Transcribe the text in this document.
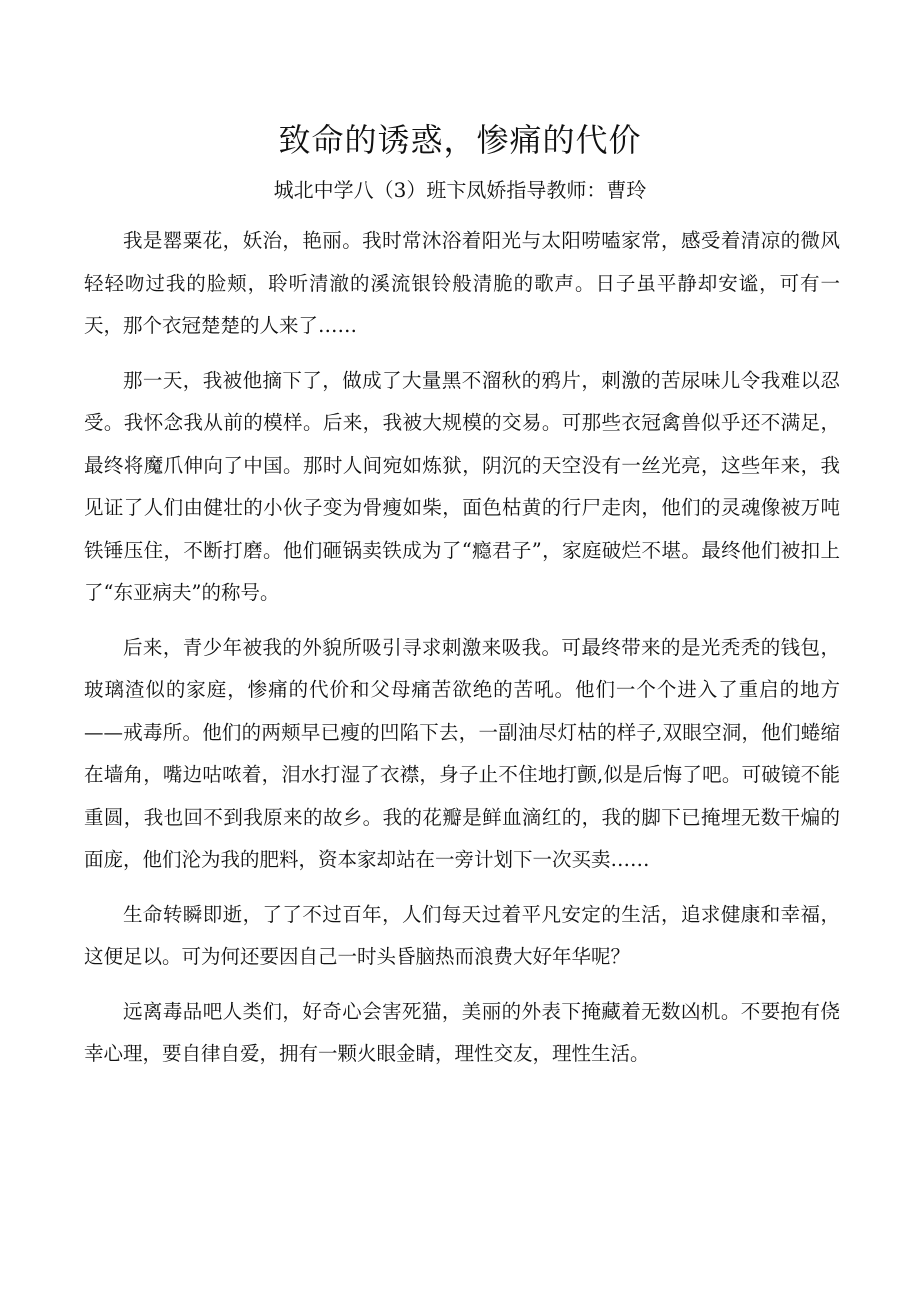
致命的诱惑，惨痛的代价
城北中学八（3）班卞凤娇指导教师：曹玲

我是罂粟花，妖治，艳丽。我时常沐浴着阳光与太阳唠嗑家常，感受着清凉的微风轻轻吻过我的脸颊，聆听清澈的溪流银铃般清脆的歌声。日子虽平静却安谧，可有一天，那个衣冠楚楚的人来了……

那一天，我被他摘下了，做成了大量黑不溜秋的鸦片，刺激的苦尿味儿令我难以忍受。我怀念我从前的模样。后来，我被大规模的交易。可那些衣冠禽兽似乎还不满足，最终将魔爪伸向了中国。那时人间宛如炼狱，阴沉的天空没有一丝光亮，这些年来，我见证了人们由健壮的小伙子变为骨瘦如柴，面色枯黄的行尸走肉，他们的灵魂像被万吨铁锤压住，不断打磨。他们砸锅卖铁成为了“瘾君子”，家庭破烂不堪。最终他们被扣上了“东亚病夫”的称号。

后来，青少年被我的外貌所吸引寻求刺激来吸我。可最终带来的是光秃秃的钱包，玻璃渣似的家庭，惨痛的代价和父母痛苦欲绝的苦吼。他们一个个进入了重启的地方——戒毒所。他们的两颊早已瘦的凹陷下去，一副油尽灯枯的样子,双眼空洞，他们蜷缩在墙角，嘴边咕哝着，泪水打湿了衣襟，身子止不住地打颤,似是后悔了吧。可破镜不能重圆，我也回不到我原来的故乡。我的花瓣是鲜血滴红的，我的脚下已掩埋无数干煸的面庞，他们沦为我的肥料，资本家却站在一旁计划下一次买卖……

生命转瞬即逝，了了不过百年，人们每天过着平凡安定的生活，追求健康和幸福，这便足以。可为何还要因自己一时头昏脑热而浪费大好年华呢？

远离毒品吧人类们，好奇心会害死猫，美丽的外表下掩藏着无数凶机。不要抱有侥幸心理，要自律自爱，拥有一颗火眼金睛，理性交友，理性生活。
